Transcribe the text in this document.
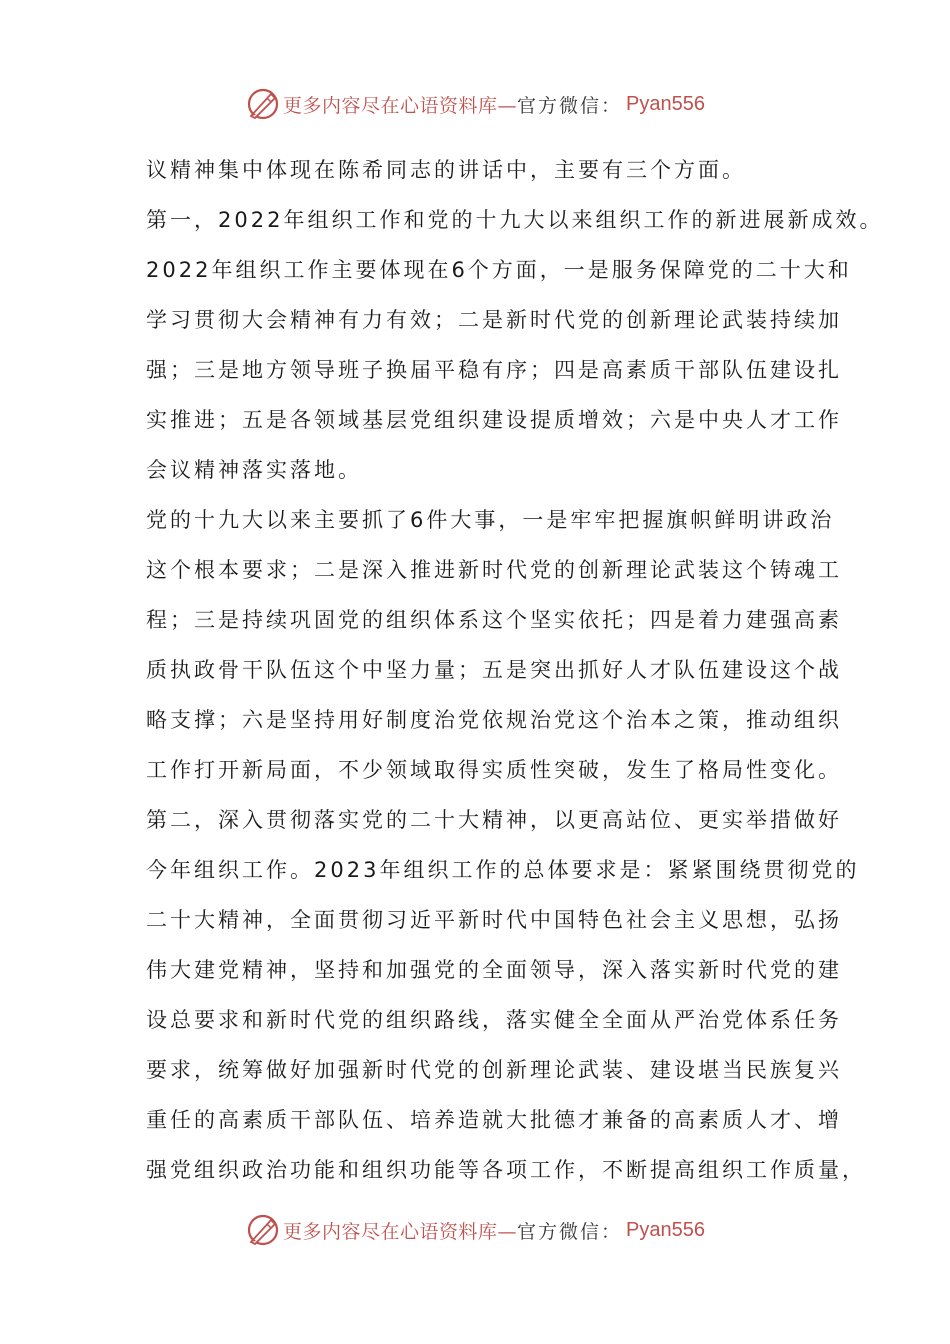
更多内容尽在心语资料库— 官方微信： Pyan556
议精神集中体现在陈希同志的讲话中，主要有三个方面。
第一，2022年组织工作和党的十九大以来组织工作的新进展新成效。
2022年组织工作主要体现在6个方面，一是服务保障党的二十大和
学习贯彻大会精神有力有效；二是新时代党的创新理论武装持续加
强；三是地方领导班子换届平稳有序；四是高素质干部队伍建设扎
实推进；五是各领域基层党组织建设提质增效；六是中央人才工作
会议精神落实落地。
党的十九大以来主要抓了6件大事，一是牢牢把握旗帜鲜明讲政治
这个根本要求；二是深入推进新时代党的创新理论武装这个铸魂工
程；三是持续巩固党的组织体系这个坚实依托；四是着力建强高素
质执政骨干队伍这个中坚力量；五是突出抓好人才队伍建设这个战
略支撑；六是坚持用好制度治党依规治党这个治本之策，推动组织
工作打开新局面，不少领域取得实质性突破，发生了格局性变化。
第二，深入贯彻落实党的二十大精神，以更高站位、更实举措做好
今年组织工作。2023年组织工作的总体要求是：紧紧围绕贯彻党的
二十大精神，全面贯彻习近平新时代中国特色社会主义思想，弘扬
伟大建党精神，坚持和加强党的全面领导，深入落实新时代党的建
设总要求和新时代党的组织路线，落实健全全面从严治党体系任务
要求，统筹做好加强新时代党的创新理论武装、建设堪当民族复兴
重任的高素质干部队伍、培养造就大批德才兼备的高素质人才、增
强党组织政治功能和组织功能等各项工作，不断提高组织工作质量，
更多内容尽在心语资料库— 官方微信： Pyan556
